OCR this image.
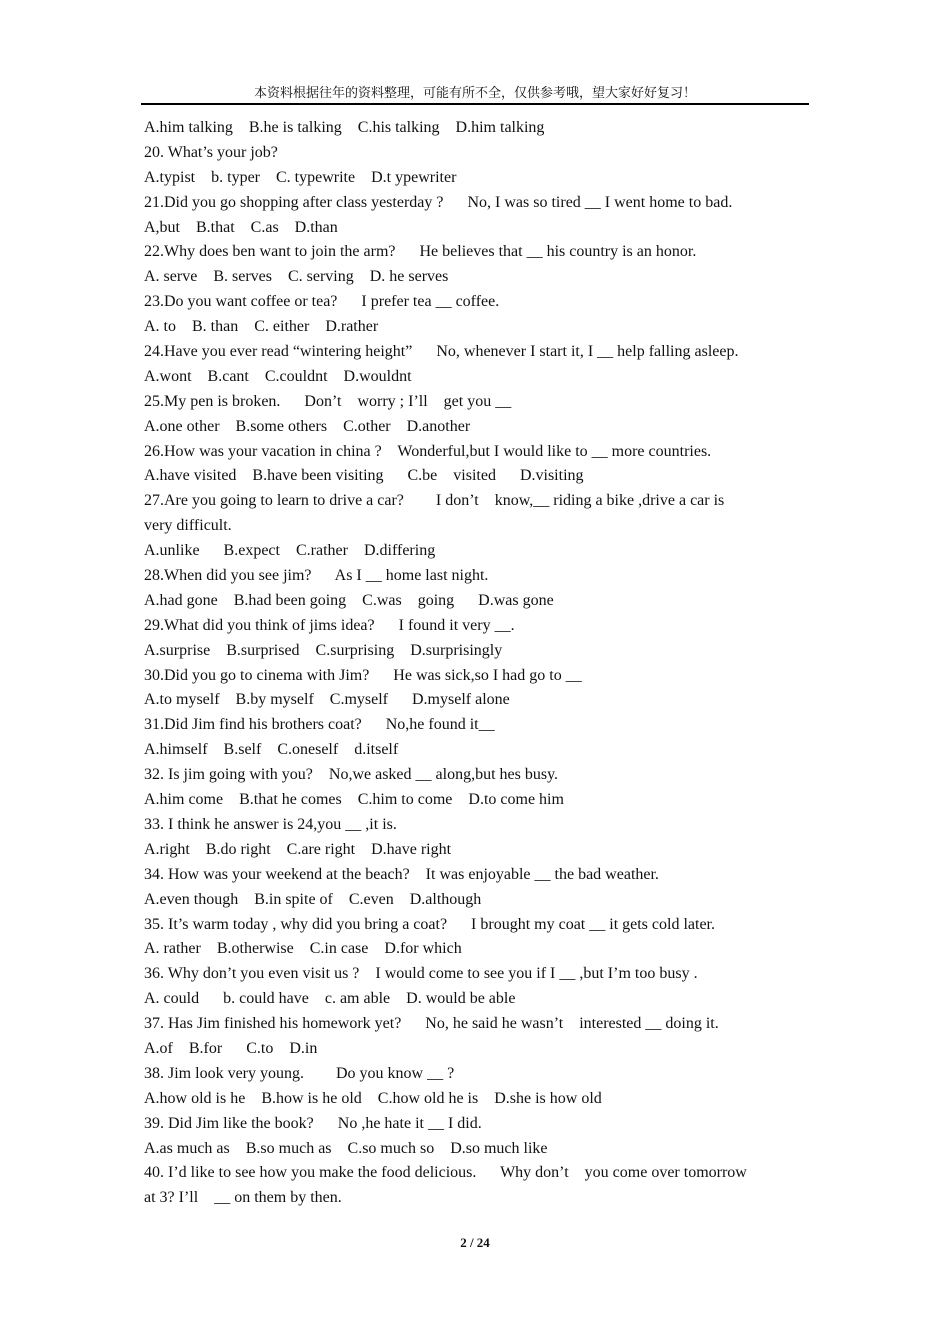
本资料根据往年的资料整理，可能有所不全，仅供参考哦，望大家好好复习！
A.him talking    B.he is talking    C.his talking    D.him talking
20. What’s your job?
A.typist    b. typer    C. typewrite    D.t ypewriter
21.Did you go shopping after class yesterday ?      No, I was so tired __ I went home to bad.
A,but    B.that    C.as    D.than
22.Why does ben want to join the arm?      He believes that __ his country is an honor.
A. serve    B. serves    C. serving    D. he serves
23.Do you want coffee or tea?      I prefer tea __ coffee.
A. to    B. than    C. either    D.rather
24.Have you ever read “wintering height”      No, whenever I start it, I __ help falling asleep.
A.wont    B.cant    C.couldnt    D.wouldnt
25.My pen is broken.      Don’t    worry ; I’ll    get you __
A.one other    B.some others    C.other    D.another
26.How was your vacation in china ?    Wonderful,but I would like to __ more countries.
A.have visited    B.have been visiting      C.be    visited      D.visiting
27.Are you going to learn to drive a car?        I don’t    know,__ riding a bike ,drive a car is
very difficult.
A.unlike      B.expect    C.rather    D.differing
28.When did you see jim?      As I __ home last night.
A.had gone    B.had been going    C.was    going      D.was gone
29.What did you think of jims idea?      I found it very __.
A.surprise    B.surprised    C.surprising    D.surprisingly
30.Did you go to cinema with Jim?      He was sick,so I had go to __
A.to myself    B.by myself    C.myself      D.myself alone
31.Did Jim find his brothers coat?      No,he found it__
A.himself    B.self    C.oneself    d.itself
32. Is jim going with you?    No,we asked __ along,but hes busy.
A.him come    B.that he comes    C.him to come    D.to come him
33. I think he answer is 24,you __ ,it is.
A.right    B.do right    C.are right    D.have right
34. How was your weekend at the beach?    It was enjoyable __ the bad weather.
A.even though    B.in spite of    C.even    D.although
35. It’s warm today , why did you bring a coat?      I brought my coat __ it gets cold later.
A. rather    B.otherwise    C.in case    D.for which
36. Why don’t you even visit us ?    I would come to see you if I __ ,but I’m too busy .
A. could      b. could have    c. am able    D. would be able
37. Has Jim finished his homework yet?      No, he said he wasn’t    interested __ doing it.
A.of    B.for      C.to    D.in
38. Jim look very young.        Do you know __ ?
A.how old is he    B.how is he old    C.how old he is    D.she is how old
39. Did Jim like the book?      No ,he hate it __ I did.
A.as much as    B.so much as    C.so much so    D.so much like
40. I’d like to see how you make the food delicious.      Why don’t    you come over tomorrow
at 3? I’ll    __ on them by then.
2 / 24
